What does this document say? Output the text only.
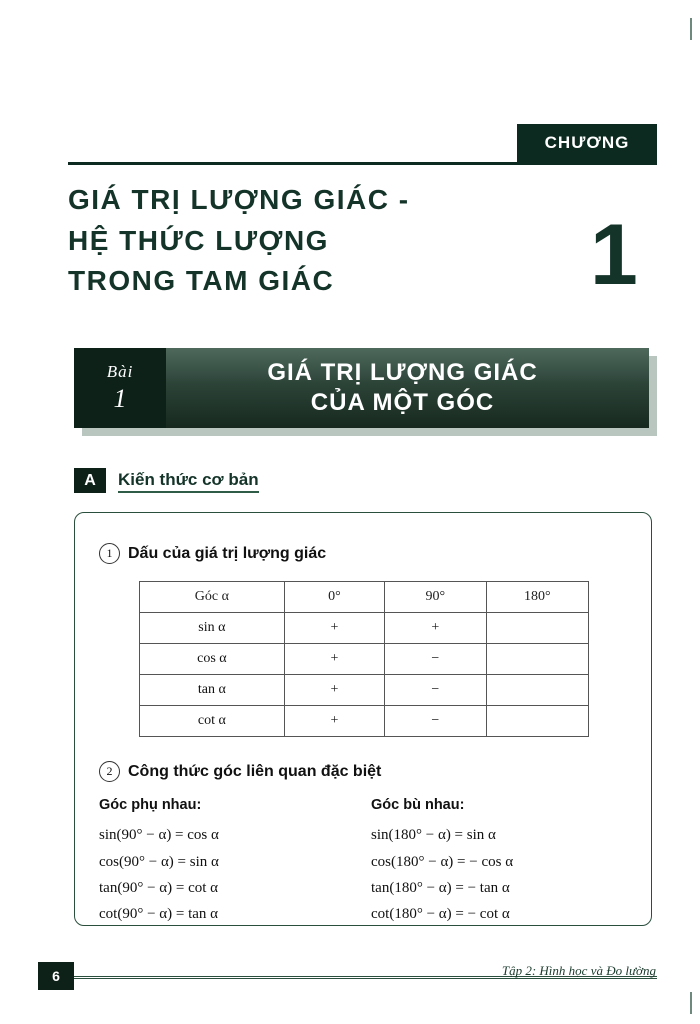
CHƯƠNG
GIÁ TRỊ LƯỢNG GIÁC -
HỆ THỨC LƯỢNG
TRONG TAM GIÁC	1
GIÁ TRỊ LƯỢNG GIÁC
CỦA MỘT GÓC
Bài
1
A	Kiến thức cơ bản
1 Dấu của giá trị lượng giác
Góc α	0°	90°	180°
sin α	+	+	
cos α	+	−	
tan α	+	−	
cot α	+	−	
2 Công thức góc liên quan đặc biệt
Góc phụ nhau:
sin(90° − α) = cos α
cos(90° − α) = sin α
tan(90° − α) = cot α
cot(90° − α) = tan α
Góc bù nhau:
sin(180° − α) = sin α
cos(180° − α) = − cos α
tan(180° − α) = − tan α
cot(180° − α) = − cot α
6	Tập 2: Hình học và Đo lường
